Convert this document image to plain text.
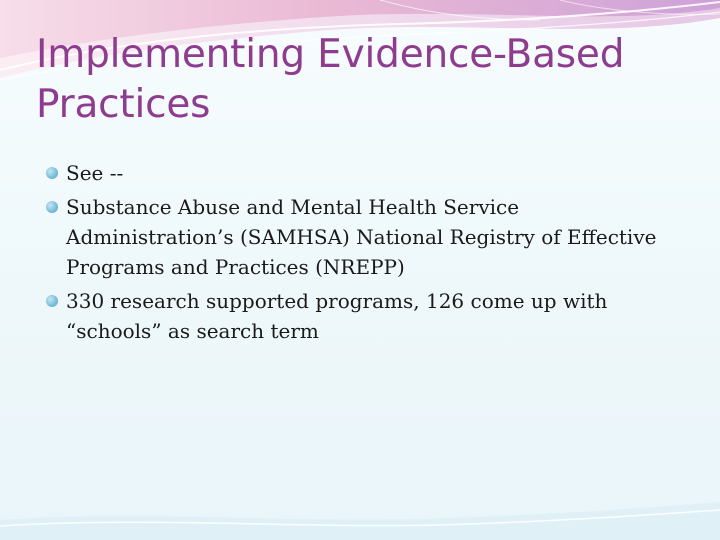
Implementing Evidence-Based Practices
See --
Substance Abuse and Mental Health Service Administration’s (SAMHSA) National Registry of Effective Programs and Practices (NREPP)
330 research supported programs, 126 come up with “schools” as search term
